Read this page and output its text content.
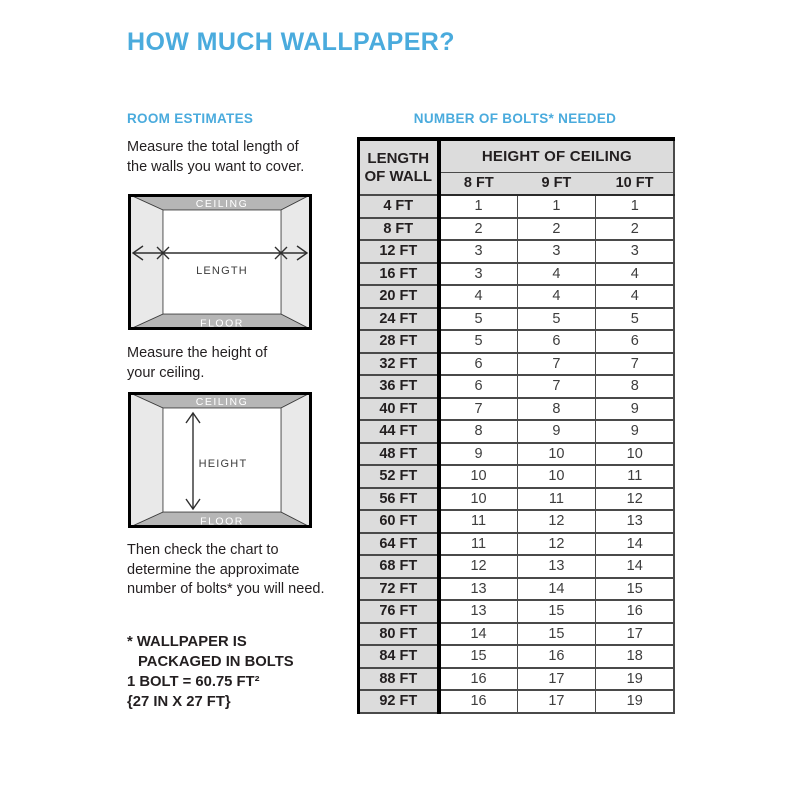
HOW MUCH WALLPAPER?
ROOM ESTIMATES
Measure the total length of
the walls you want to cover.
CEILING
FLOOR
LENGTH
Measure the height of
your ceiling.
CEILING
FLOOR
HEIGHT
Then check the chart to
determine the approximate
number of bolts* you will need.
* WALLPAPER IS
PACKAGED IN BOLTS
1 BOLT = 60.75 FT²
{27 IN X 27 FT}
NUMBER OF BOLTS* NEEDED
LENGTH OF WALL	HEIGHT OF CEILING		
	8 FT	9 FT	10 FT
4 FT	1	1	1
8 FT	2	2	2
12 FT	3	3	3
16 FT	3	4	4
20 FT	4	4	4
24 FT	5	5	5
28 FT	5	6	6
32 FT	6	7	7
36 FT	6	7	8
40 FT	7	8	9
44 FT	8	9	9
48 FT	9	10	10
52 FT	10	10	11
56 FT	10	11	12
60 FT	11	12	13
64 FT	11	12	14
68 FT	12	13	14
72 FT	13	14	15
76 FT	13	15	16
80 FT	14	15	17
84 FT	15	16	18
88 FT	16	17	19
92 FT	16	17	19
